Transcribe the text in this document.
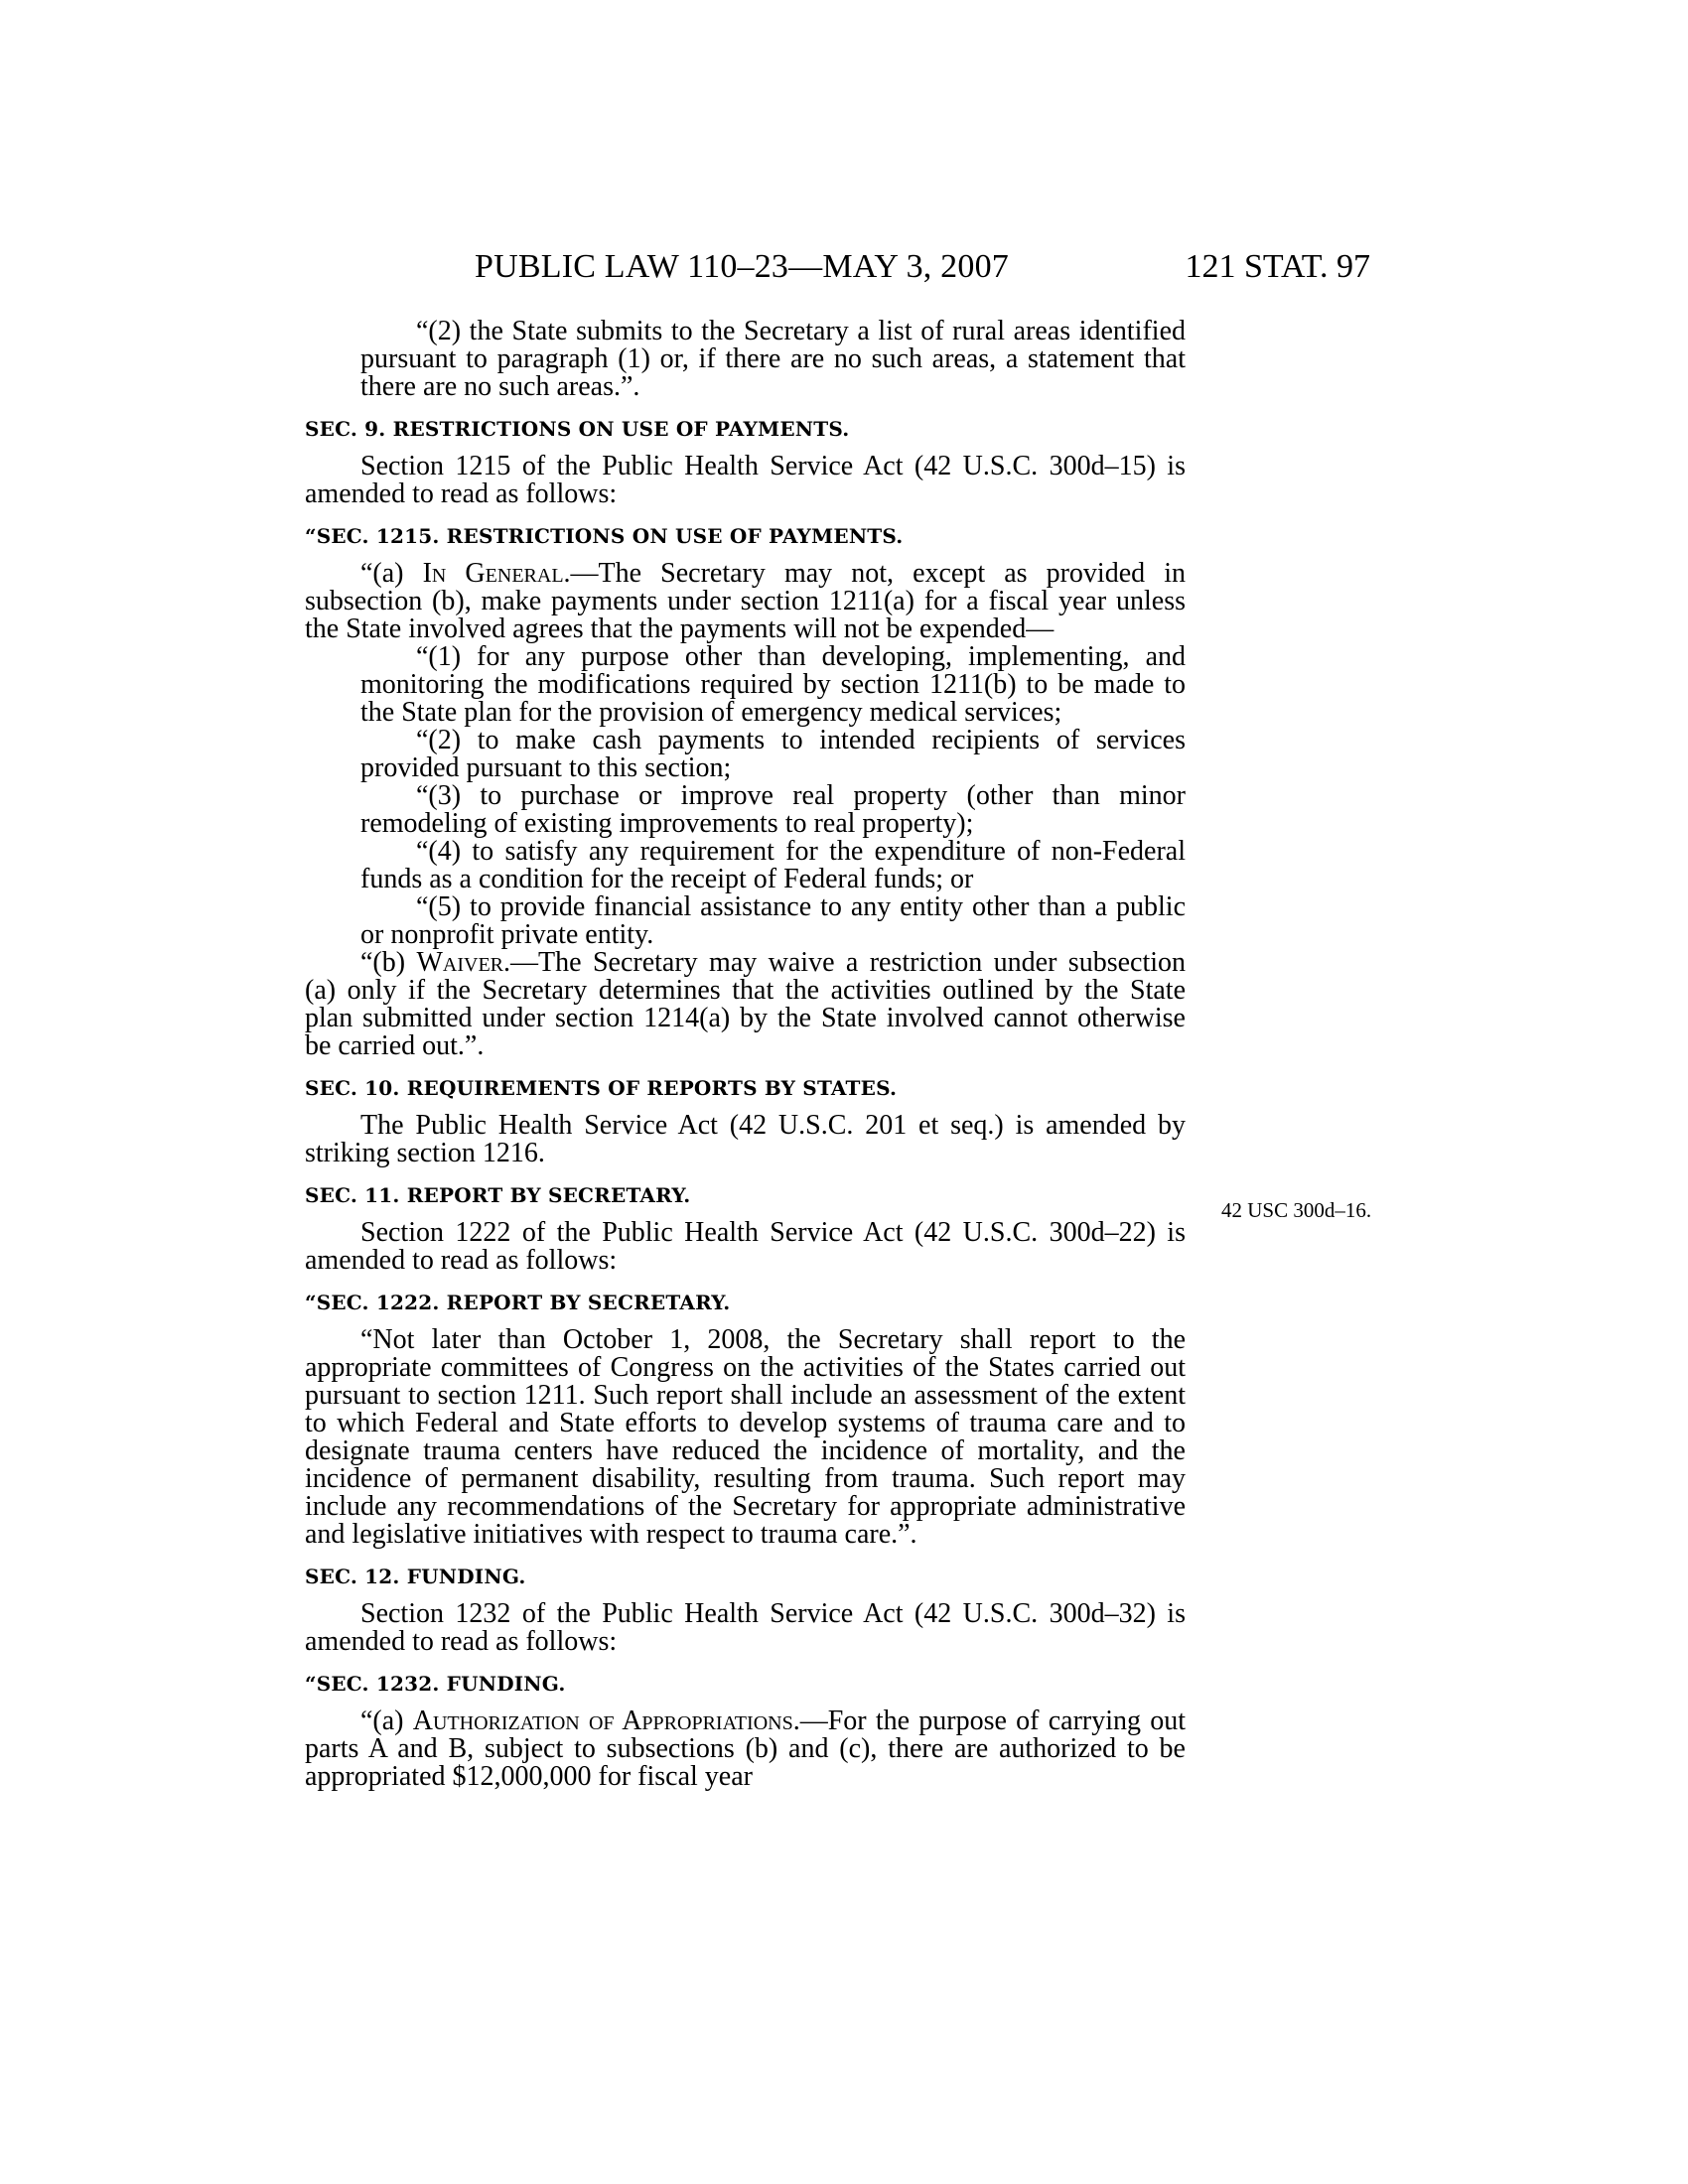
PUBLIC LAW 110–23—MAY 3, 2007	121 STAT. 97
42 USC 300d–16.

“(2) the State submits to the Secretary a list of rural areas identified pursuant to paragraph (1) or, if there are no such areas, a statement that there are no such areas.”.

SEC. 9. RESTRICTIONS ON USE OF PAYMENTS.

Section 1215 of the Public Health Service Act (42 U.S.C. 300d–15) is amended to read as follows:

“SEC. 1215. RESTRICTIONS ON USE OF PAYMENTS.

“(a) In General.—The Secretary may not, except as provided in subsection (b), make payments under section 1211(a) for a fiscal year unless the State involved agrees that the payments will not be expended—

“(1) for any purpose other than developing, implementing, and monitoring the modifications required by section 1211(b) to be made to the State plan for the provision of emergency medical services;

“(2) to make cash payments to intended recipients of services provided pursuant to this section;

“(3) to purchase or improve real property (other than minor remodeling of existing improvements to real property);

“(4) to satisfy any requirement for the expenditure of non-Federal funds as a condition for the receipt of Federal funds; or

“(5) to provide financial assistance to any entity other than a public or nonprofit private entity.

“(b) Waiver.—The Secretary may waive a restriction under subsection (a) only if the Secretary determines that the activities outlined by the State plan submitted under section 1214(a) by the State involved cannot otherwise be carried out.”.

SEC. 10. REQUIREMENTS OF REPORTS BY STATES.

The Public Health Service Act (42 U.S.C. 201 et seq.) is amended by striking section 1216.

SEC. 11. REPORT BY SECRETARY.

Section 1222 of the Public Health Service Act (42 U.S.C. 300d–22) is amended to read as follows:

“SEC. 1222. REPORT BY SECRETARY.

“Not later than October 1, 2008, the Secretary shall report to the appropriate committees of Congress on the activities of the States carried out pursuant to section 1211. Such report shall include an assessment of the extent to which Federal and State efforts to develop systems of trauma care and to designate trauma centers have reduced the incidence of mortality, and the incidence of permanent disability, resulting from trauma. Such report may include any recommendations of the Secretary for appropriate administrative and legislative initiatives with respect to trauma care.”.

SEC. 12. FUNDING.

Section 1232 of the Public Health Service Act (42 U.S.C. 300d–32) is amended to read as follows:

“SEC. 1232. FUNDING.

“(a) Authorization of Appropriations.—For the purpose of carrying out parts A and B, subject to subsections (b) and (c), there are authorized to be appropriated $12,000,000 for fiscal year
